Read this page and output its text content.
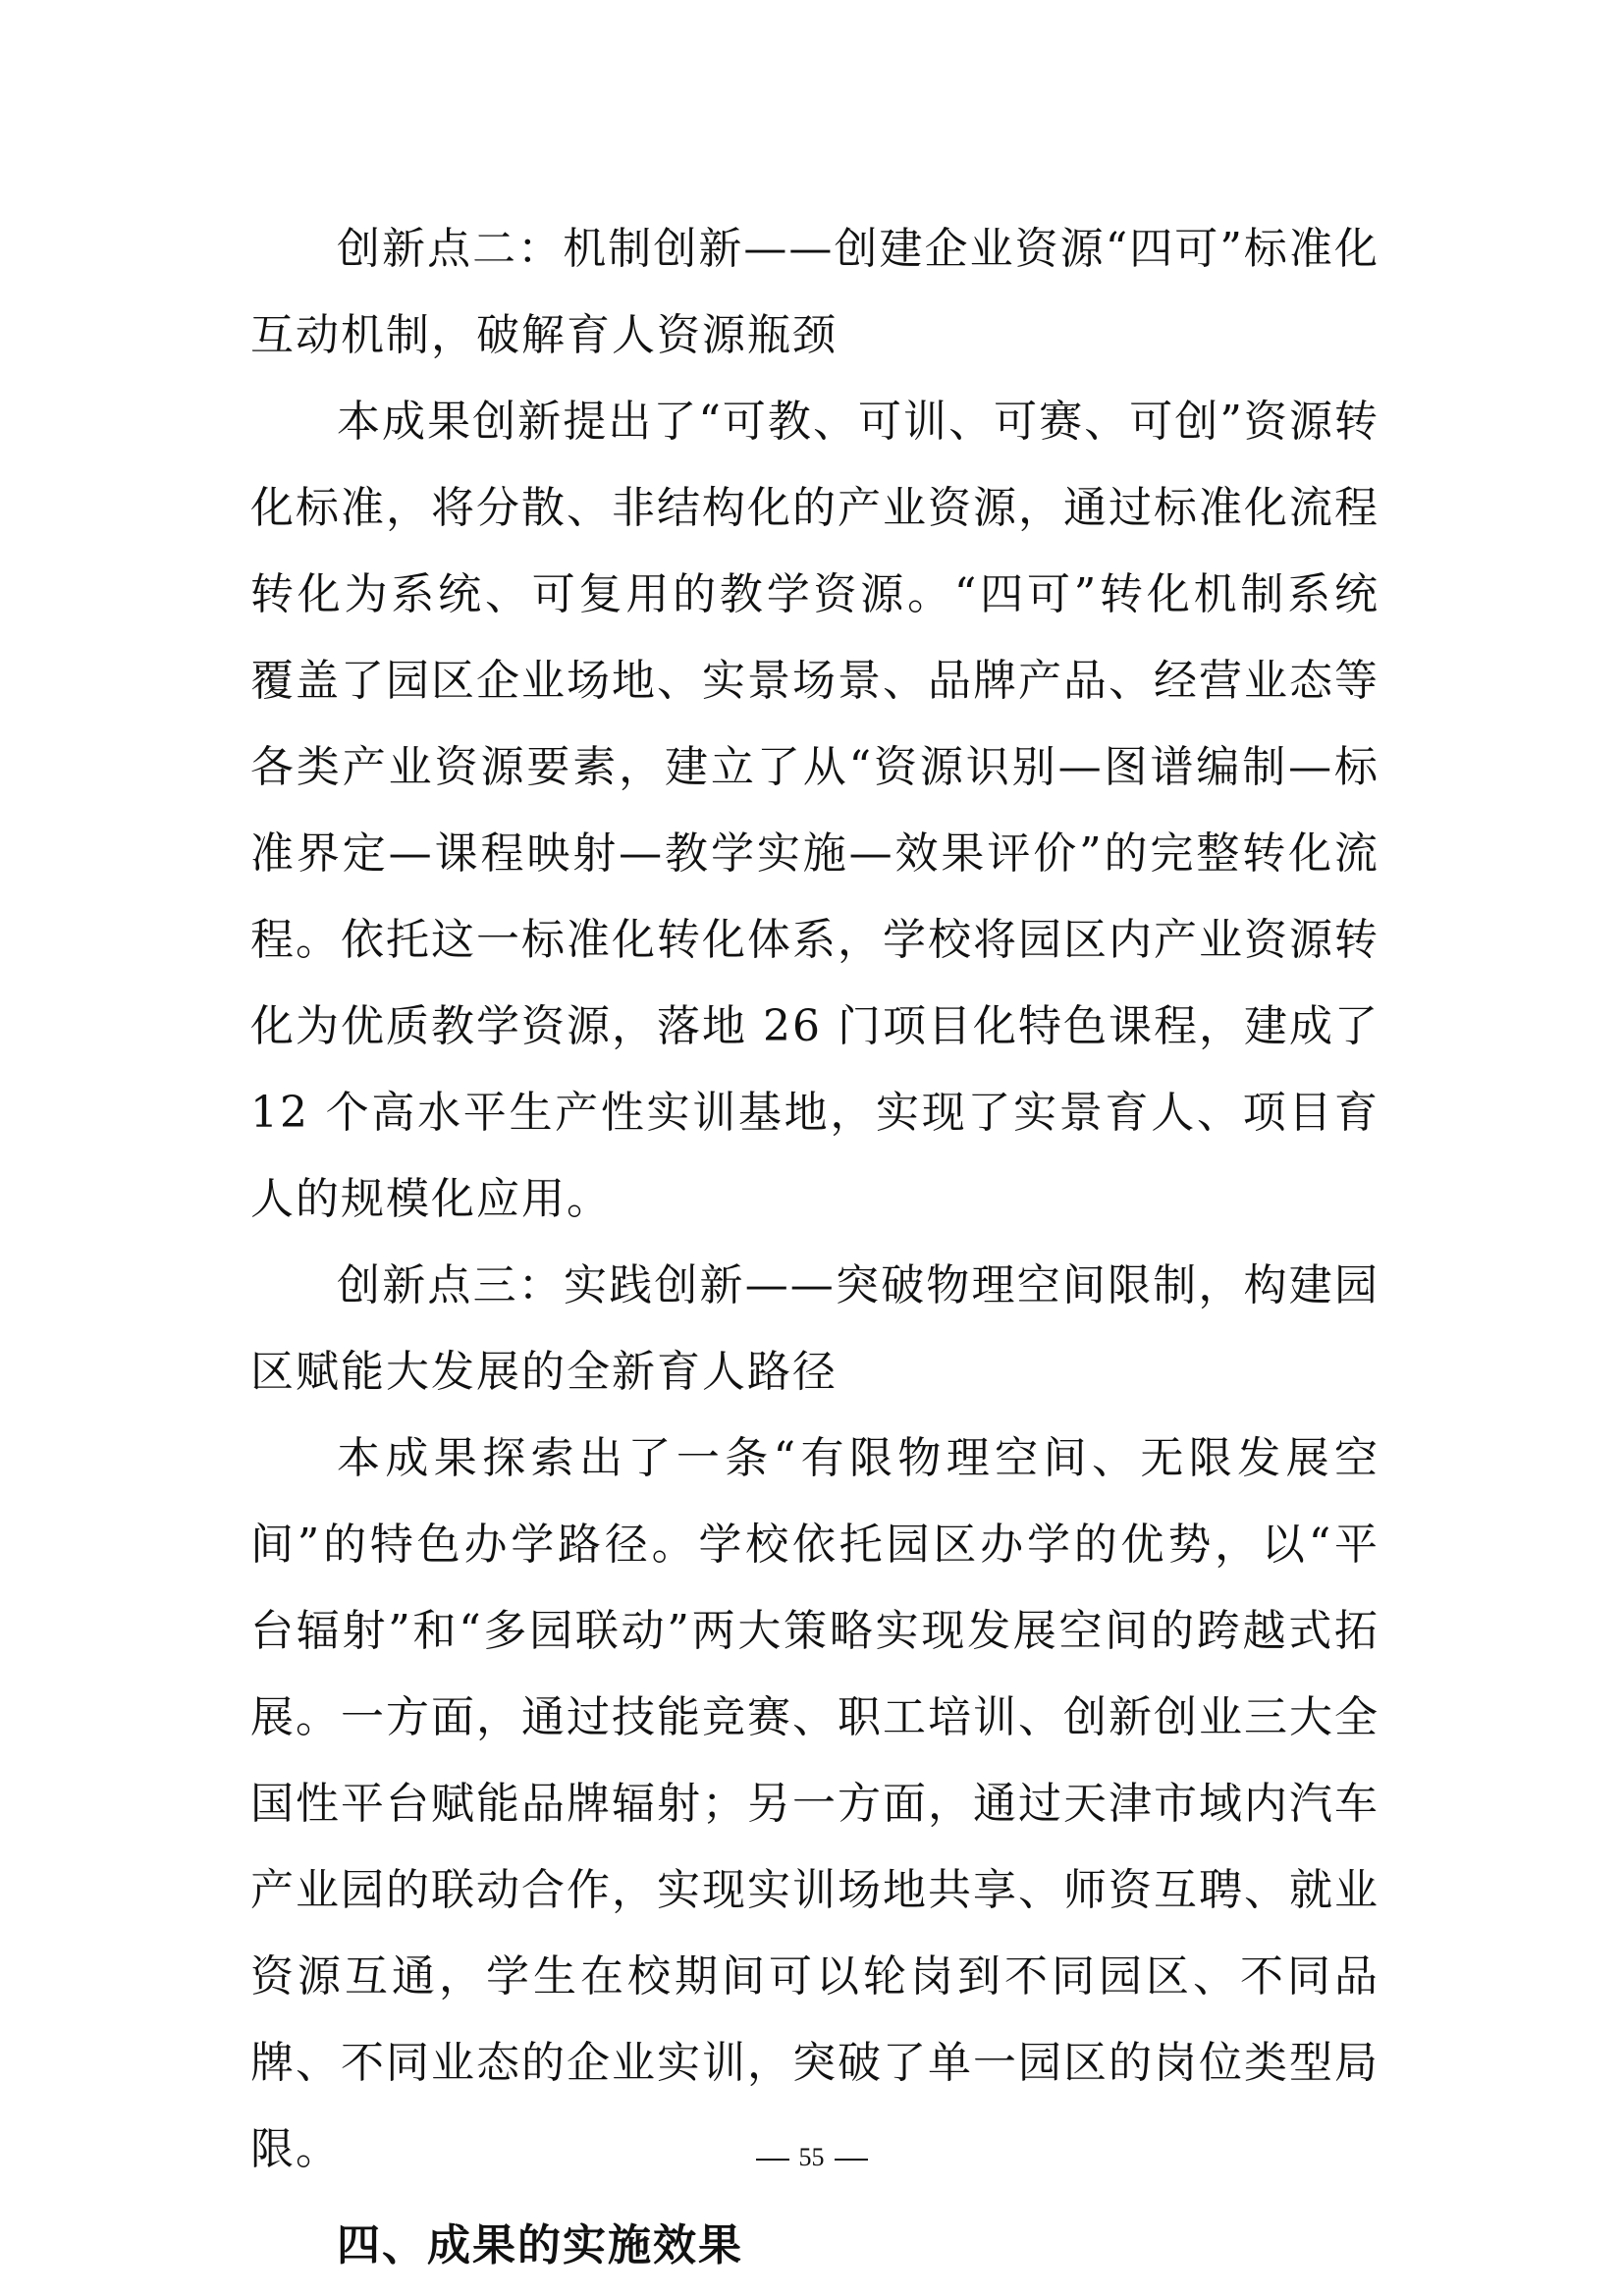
创新点二：机制创新——创建企业资源“四可”标准化互动机制，破解育人资源瓶颈

本成果创新提出了“可教、可训、可赛、可创”资源转化标准，将分散、非结构化的产业资源，通过标准化流程转化为系统、可复用的教学资源。“四可”转化机制系统覆盖了园区企业场地、实景场景、品牌产品、经营业态等各类产业资源要素，建立了从“资源识别—图谱编制—标准界定—课程映射—教学实施—效果评价”的完整转化流程。依托这一标准化转化体系，学校将园区内产业资源转化为优质教学资源，落地 26 门项目化特色课程，建成了 12 个高水平生产性实训基地，实现了实景育人、项目育人的规模化应用。

创新点三：实践创新——突破物理空间限制，构建园区赋能大发展的全新育人路径

本成果探索出了一条“有限物理空间、无限发展空间”的特色办学路径。学校依托园区办学的优势，以“平台辐射”和“多园联动”两大策略实现发展空间的跨越式拓展。一方面，通过技能竞赛、职工培训、创新创业三大全国性平台赋能品牌辐射；另一方面，通过天津市域内汽车产业园的联动合作，实现实训场地共享、师资互聘、就业资源互通，学生在校期间可以轮岗到不同园区、不同品牌、不同业态的企业实训，突破了单一园区的岗位类型局限。

四、成果的实施效果

55
